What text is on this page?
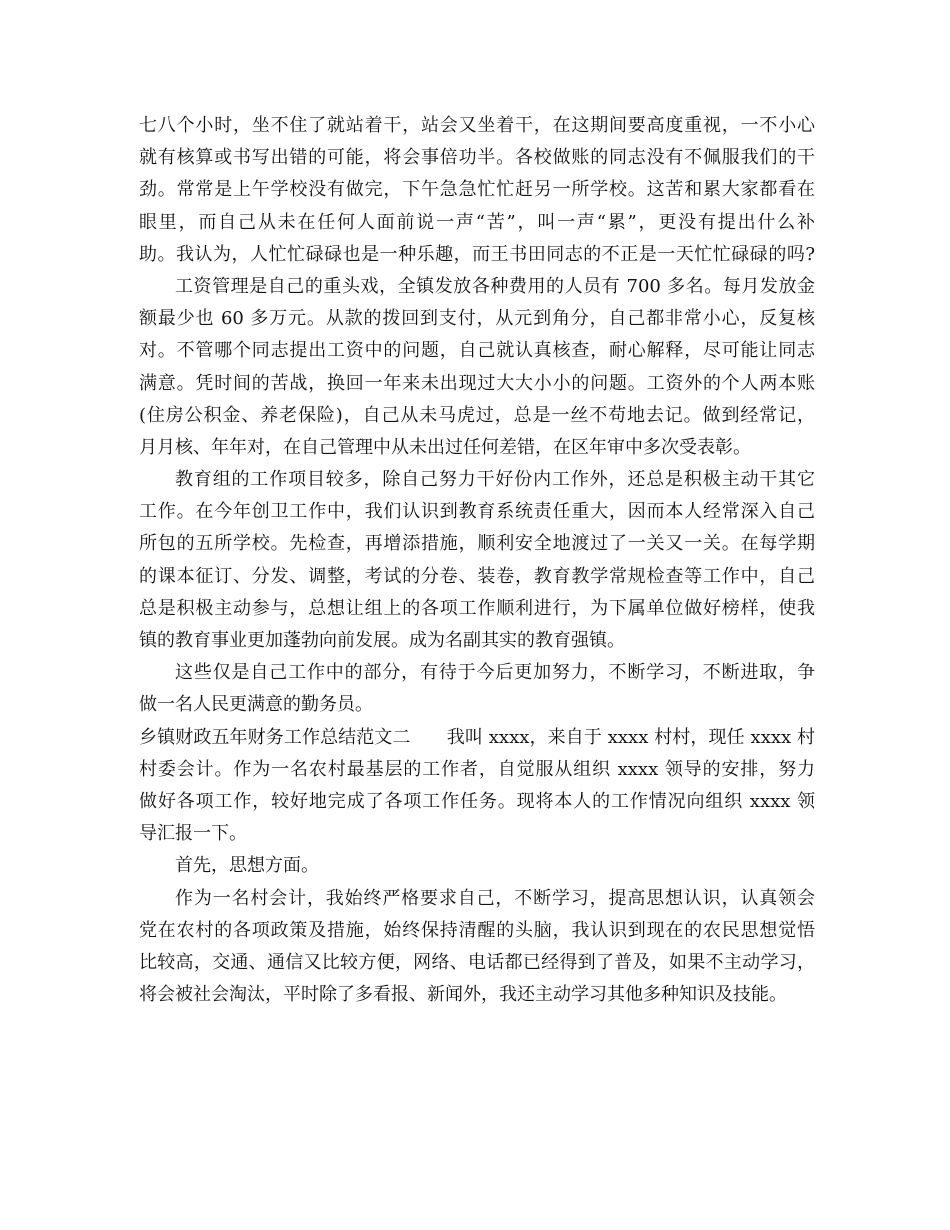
七八个小时，坐不住了就站着干，站会又坐着干，在这期间要高度重视，一不小心
就有核算或书写出错的可能，将会事倍功半。各校做账的同志没有不佩服我们的干
劲。常常是上午学校没有做完，下午急急忙忙赶另一所学校。这苦和累大家都看在
眼里，而自己从未在任何人面前说一声“苦”，叫一声“累”，更没有提出什么补
助。我认为，人忙忙碌碌也是一种乐趣，而王书田同志的不正是一天忙忙碌碌的吗?
工资管理是自己的重头戏，全镇发放各种费用的人员有 700 多名。每月发放金
额最少也 60 多万元。从款的拨回到支付，从元到角分，自己都非常小心，反复核
对。不管哪个同志提出工资中的问题，自己就认真核查，耐心解释，尽可能让同志
满意。凭时间的苦战，换回一年来未出现过大大小小的问题。工资外的个人两本账
(住房公积金、养老保险)，自己从未马虎过，总是一丝不苟地去记。做到经常记，
月月核、年年对，在自己管理中从未出过任何差错，在区年审中多次受表彰。
教育组的工作项目较多，除自己努力干好份内工作外，还总是积极主动干其它
工作。在今年创卫工作中，我们认识到教育系统责任重大，因而本人经常深入自己
所包的五所学校。先检查，再增添措施，顺利安全地渡过了一关又一关。在每学期
的课本征订、分发、调整，考试的分卷、装卷，教育教学常规检查等工作中，自己
总是积极主动参与，总想让组上的各项工作顺利进行，为下属单位做好榜样，使我
镇的教育事业更加蓬勃向前发展。成为名副其实的教育强镇。
这些仅是自己工作中的部分，有待于今后更加努力，不断学习，不断进取，争
做一名人民更满意的勤务员。
乡镇财政五年财务工作总结范文二 我叫 xxxx，来自于 xxxx 村村，现任 xxxx 村
村委会计。作为一名农村最基层的工作者，自觉服从组织 xxxx 领导的安排，努力
做好各项工作，较好地完成了各项工作任务。现将本人的工作情况向组织 xxxx 领
导汇报一下。
首先，思想方面。
作为一名村会计，我始终严格要求自己，不断学习，提高思想认识，认真领会
党在农村的各项政策及措施，始终保持清醒的头脑，我认识到现在的农民思想觉悟
比较高，交通、通信又比较方便，网络、电话都已经得到了普及，如果不主动学习，
将会被社会淘汰，平时除了多看报、新闻外，我还主动学习其他多种知识及技能。
